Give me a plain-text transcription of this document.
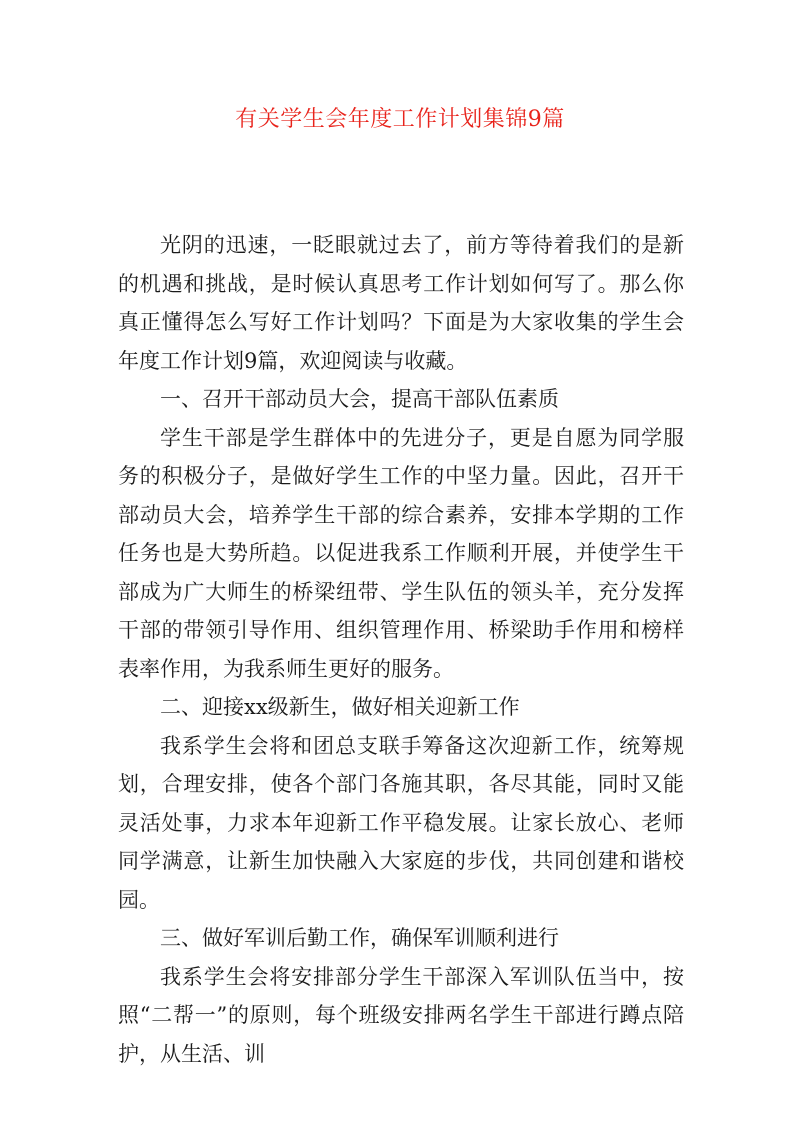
有关学生会年度工作计划集锦9篇

光阴的迅速，一眨眼就过去了，前方等待着我们的是新的机遇和挑战，是时候认真思考工作计划如何写了。那么你真正懂得怎么写好工作计划吗？下面是为大家收集的学生会年度工作计划9篇，欢迎阅读与收藏。

一、召开干部动员大会，提高干部队伍素质

学生干部是学生群体中的先进分子，更是自愿为同学服务的积极分子，是做好学生工作的中坚力量。因此，召开干部动员大会，培养学生干部的综合素养，安排本学期的工作任务也是大势所趋。以促进我系工作顺利开展，并使学生干部成为广大师生的桥梁纽带、学生队伍的领头羊，充分发挥干部的带领引导作用、组织管理作用、桥梁助手作用和榜样表率作用，为我系师生更好的服务。

二、迎接xx级新生，做好相关迎新工作

我系学生会将和团总支联手筹备这次迎新工作，统筹规划，合理安排，使各个部门各施其职，各尽其能，同时又能灵活处事，力求本年迎新工作平稳发展。让家长放心、老师同学满意，让新生加快融入大家庭的步伐，共同创建和谐校园。

三、做好军训后勤工作，确保军训顺利进行

我系学生会将安排部分学生干部深入军训队伍当中，按照“二帮一”的原则，每个班级安排两名学生干部进行蹲点陪护，从生活、训
